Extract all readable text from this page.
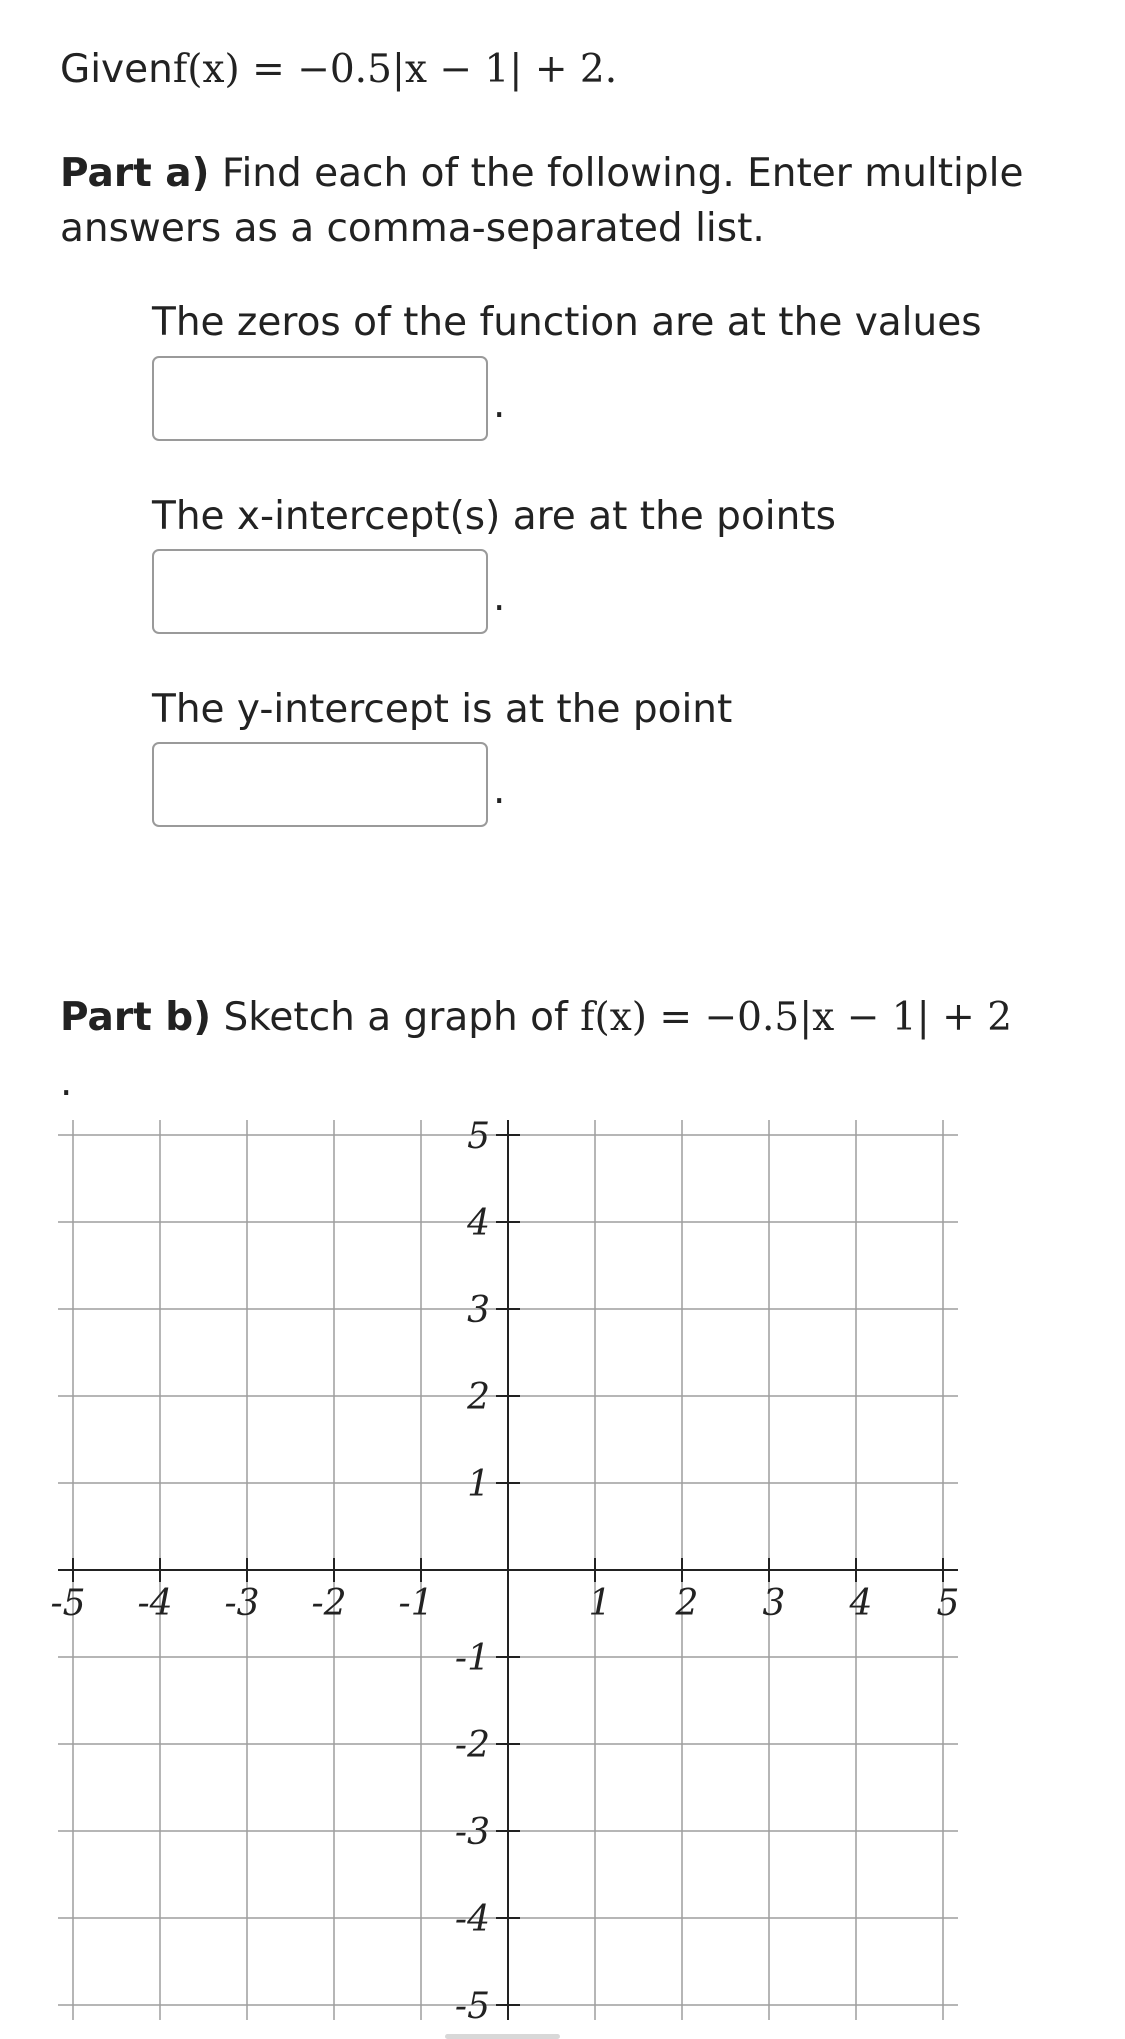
Givenf(x) = −0.5|x − 1| + 2.
Part a) Find each of the following. Enter multiple answers as a comma-separated list.
The zeros of the function are at the values
.
The x-intercept(s) are at the points
.
The y-intercept is at the point
.
Part b) Sketch a graph of f(x) = −0.5|x − 1| + 2
.
-5 -4 -3 -2 -1	1 2 3 4 5
5
4
3
2
1
-1
-2
-3
-4
-5
